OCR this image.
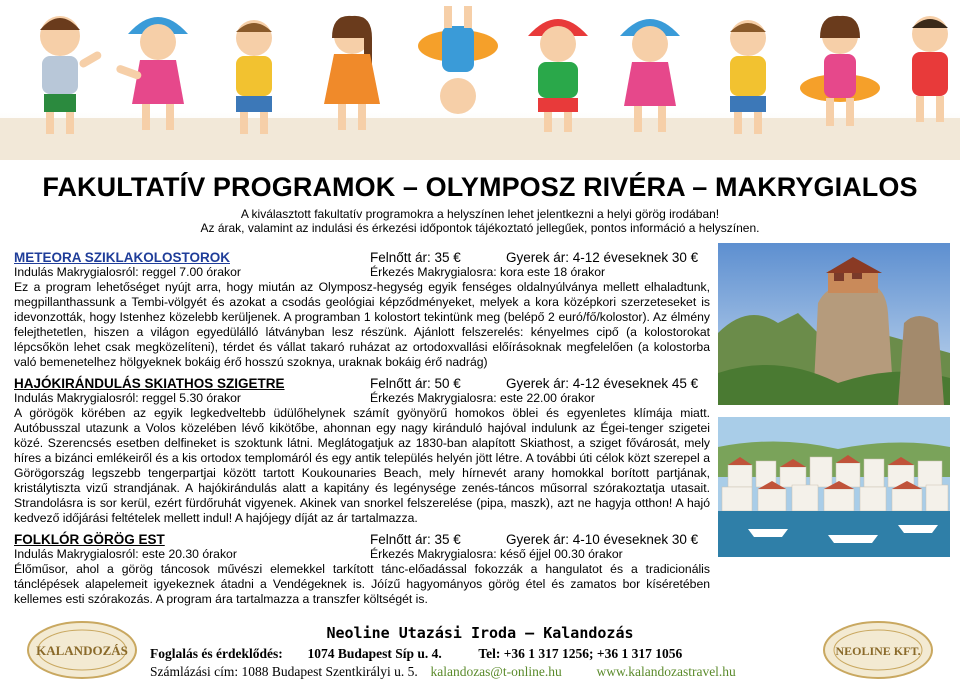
FAKULTATÍV PROGRAMOK – OLYMPOSZ RIVÉRA – MAKRYGIALOS
A kiválasztott fakultatív programokra a helyszínen lehet jelentkezni a helyi görög irodában!
Az árak, valamint az indulási és érkezési időpontok tájékoztató jellegűek, pontos információ a helyszínen.
METEORA SZIKLAKOLOSTOROK	Felnőtt ár: 35 €	Gyerek ár: 4-12 éveseknek 30 €
Indulás Makrygialosról: reggel 7.00 órakor	Érkezés Makrygialosra: kora este 18 órakor

Ez a program lehetőséget nyújt arra, hogy miután az Olymposz-hegység egyik fenséges oldalnyúlványa mellett elhaladtunk, megpillanthassunk a Tembi-völgyét és azokat a csodás geológiai képződményeket, melyek a kora középkori szerzeteseket is idevonzották, hogy Istenhez közelebb kerüljenek. A programban 1 kolostort tekintünk meg (belépő 2 euró/fő/kolostor). Az élmény felejthetetlen, hiszen a világon egyedülálló látványban lesz részünk. Ajánlott felszerelés: kényelmes cipő (a kolostorokat lépcsőkön lehet csak megközelíteni), térdet és vállat takaró ruházat az ortodoxvallási előírásoknak megfelelően (a kolostorba való bemenetelhez hölgyeknek bokáig érő hosszú szoknya, uraknak bokáig érő nadrág)

HAJÓKIRÁNDULÁS SKIATHOS SZIGETRE	Felnőtt ár: 50 €	Gyerek ár: 4-12 éveseknek 45 €
Indulás Makrygialosról: reggel 5.30 órakor	Érkezés Makrygialosra: este 22.00 órakor

A görögök körében az egyik legkedveltebb üdülőhelynek számít gyönyörű homokos öblei és egyenletes klímája miatt. Autóbusszal utazunk a Volos közelében lévő kikötőbe, ahonnan egy nagy kiránduló hajóval indulunk az Égei-tenger szigetei közé. Szerencsés esetben delfineket is szoktunk látni. Meglátogatjuk az 1830-ban alapított Skiathost, a sziget fővárosát, mely híres a bizánci emlékeiről és a kis ortodox templomáról és egy antik település helyén jött létre. A további úti célok közt szerepel a Görögország legszebb tengerpartjai között tartott Koukounaries Beach, mely hírnevét arany homokkal borított partjának, kristálytiszta vizű strandjának. A hajókirándulás alatt a kapitány és legénysége zenés-táncos műsorral szórakoztatja utasait. Strandolásra is sor kerül, ezért fürdőruhát vigyenek. Akinek van snorkel felszerelése (pipa, maszk), azt ne hagyja otthon! A hajó kedvező időjárási feltételek mellett indul! A hajójegy díját az ár tartalmazza.

FOLKLÓR GÖRÖG EST	Felnőtt ár: 35 €	Gyerek ár: 4-10 éveseknek 30 €
Indulás Makrygialosról: este 20.30 órakor	Érkezés Makrygialosra: késő éjjel 00.30 órakor

Élőműsor, ahol a görög táncosok művészi elemekkel tarkított tánc-előadással fokozzák a hangulatot és a tradicionális tánclépések alapelemeit igyekeznek átadni a Vendégeknek is. Jóízű hagyományos görög étel és zamatos bor kíséretében kellemes esti szórakozás. A program ára tartalmazza a transzfer költségét is.

KALANDOZÁS	NEOLINE KFT.
Neoline Utazási Iroda – Kalandozás
Foglalás és érdeklődés: 1074 Budapest Síp u. 4.	Tel: +36 1 317 1256; +36 1 317 1056
Számlázási cím: 1088 Budapest Szentkirályi u. 5. kalandozas@t-online.hu	www.kalandozastravel.hu
